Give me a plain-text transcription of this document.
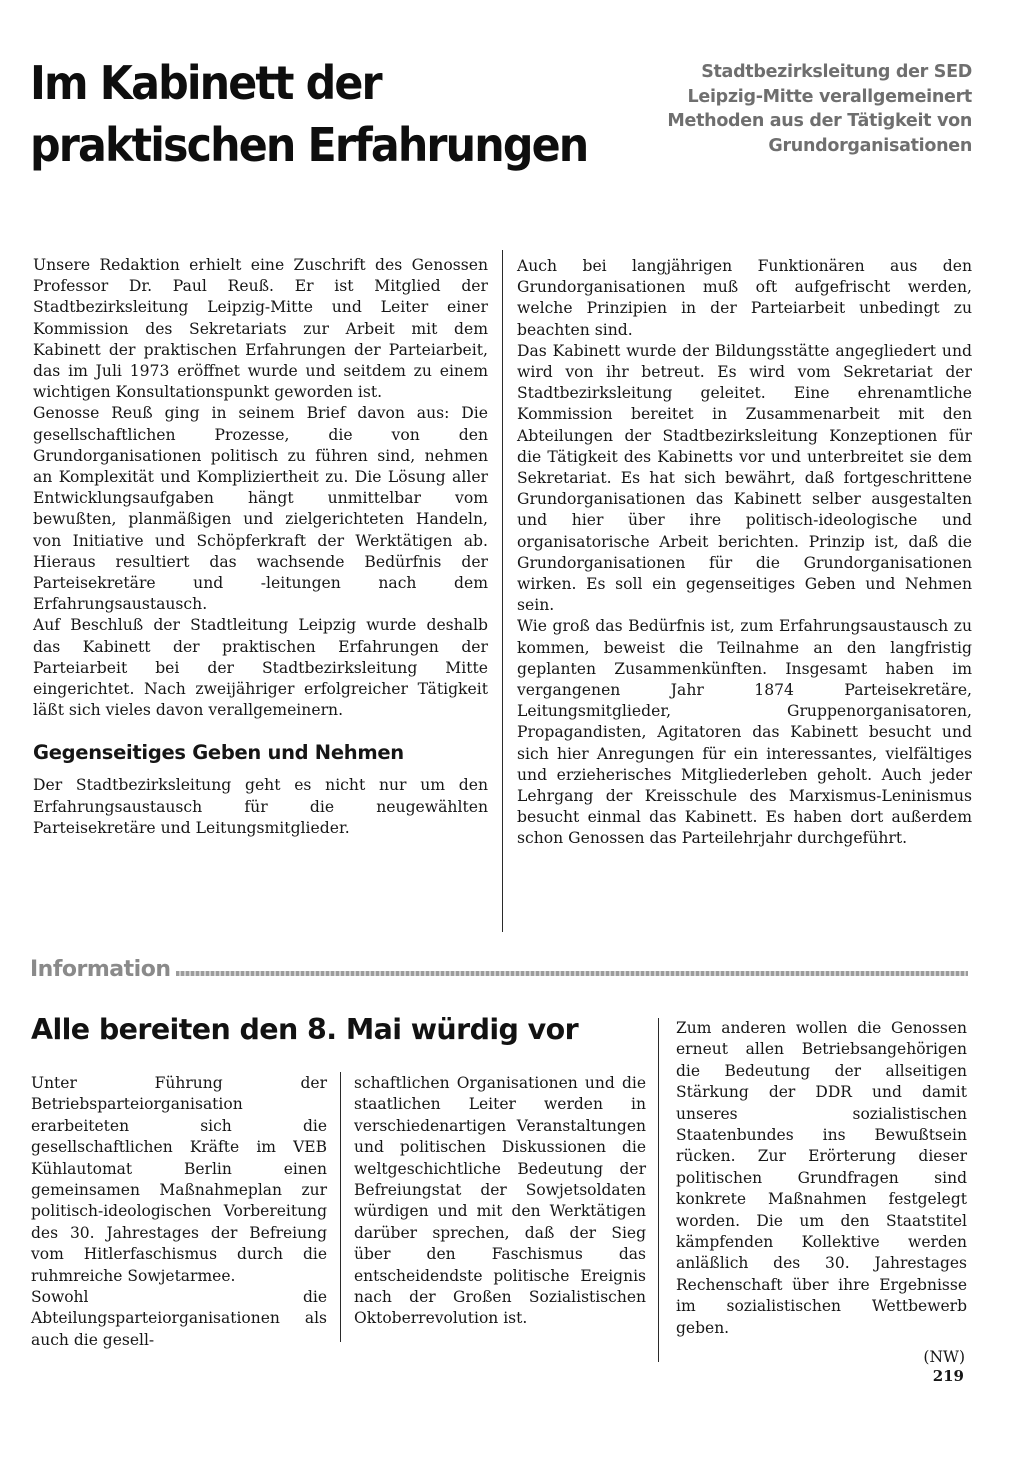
Im Kabinett der praktischen Erfahrungen

Stadtbezirksleitung der SED Leipzig-Mitte verallgemeinert Methoden aus der Tätigkeit von Grundorganisationen

Unsere Redaktion erhielt eine Zuschrift des Genossen Professor Dr. Paul Reuß. Er ist Mitglied der Stadtbezirksleitung Leipzig-Mitte und Leiter einer Kommission des Sekretariats zur Arbeit mit dem Kabinett der praktischen Erfahrungen der Parteiarbeit, das im Juli 1973 eröffnet wurde und seitdem zu einem wichtigen Konsultationspunkt geworden ist.

Genosse Reuß ging in seinem Brief davon aus: Die gesellschaftlichen Prozesse, die von den Grundorganisationen politisch zu führen sind, nehmen an Komplexität und Kompliziertheit zu. Die Lösung aller Entwicklungsaufgaben hängt unmittelbar vom bewußten, planmäßigen und zielgerichteten Handeln, von Initiative und Schöpferkraft der Werktätigen ab. Hieraus resultiert das wachsende Bedürfnis der Parteisekretäre und -leitungen nach dem Erfahrungsaustausch.

Auf Beschluß der Stadtleitung Leipzig wurde deshalb das Kabinett der praktischen Erfahrungen der Parteiarbeit bei der Stadtbezirksleitung Mitte eingerichtet. Nach zweijähriger erfolgreicher Tätigkeit läßt sich vieles davon verallgemeinern.

Gegenseitiges Geben und Nehmen

Der Stadtbezirksleitung geht es nicht nur um den Erfahrungsaustausch für die neugewählten Parteisekretäre und Leitungsmitglieder.

Auch bei langjährigen Funktionären aus den Grundorganisationen muß oft aufgefrischt werden, welche Prinzipien in der Parteiarbeit unbedingt zu beachten sind.

Das Kabinett wurde der Bildungsstätte angegliedert und wird von ihr betreut. Es wird vom Sekretariat der Stadtbezirksleitung geleitet. Eine ehrenamtliche Kommission bereitet in Zusammenarbeit mit den Abteilungen der Stadtbezirksleitung Konzeptionen für die Tätigkeit des Kabinetts vor und unterbreitet sie dem Sekretariat. Es hat sich bewährt, daß fortgeschrittene Grundorganisationen das Kabinett selber ausgestalten und hier über ihre politisch-ideologische und organisatorische Arbeit berichten. Prinzip ist, daß die Grundorganisationen für die Grundorganisationen wirken. Es soll ein gegenseitiges Geben und Nehmen sein.

Wie groß das Bedürfnis ist, zum Erfahrungsaustausch zu kommen, beweist die Teilnahme an den langfristig geplanten Zusammenkünften. Insgesamt haben im vergangenen Jahr 1874 Parteisekretäre, Leitungsmitglieder, Gruppenorganisatoren, Propagandisten, Agitatoren das Kabinett besucht und sich hier Anregungen für ein interessantes, vielfältiges und erzieherisches Mitgliederleben geholt. Auch jeder Lehrgang der Kreisschule des Marxismus-Leninismus besucht einmal das Kabinett. Es haben dort außerdem schon Genossen das Parteilehrjahr durchgeführt.

Information

Alle bereiten den 8. Mai würdig vor

Unter Führung der Betriebsparteiorganisation erarbeiteten sich die gesellschaftlichen Kräfte im VEB Kühlautomat Berlin einen gemeinsamen Maßnahmeplan zur politisch-ideologischen Vorbereitung des 30. Jahrestages der Befreiung vom Hitlerfaschismus durch die ruhmreiche Sowjetarmee.

Sowohl die Abteilungsparteiorganisationen als auch die gesell-

schaftlichen Organisationen und die staatlichen Leiter werden in verschiedenartigen Veranstaltungen und politischen Diskussionen die weltgeschichtliche Bedeutung der Befreiungstat der Sowjetsoldaten würdigen und mit den Werktätigen darüber sprechen, daß der Sieg über den Faschismus das entscheidendste politische Ereignis nach der Großen Sozialistischen Oktoberrevolution ist.

Zum anderen wollen die Genossen erneut allen Betriebsangehörigen die Bedeutung der allseitigen Stärkung der DDR und damit unseres sozialistischen Staatenbundes ins Bewußtsein rücken. Zur Erörterung dieser politischen Grundfragen sind konkrete Maßnahmen festgelegt worden. Die um den Staatstitel kämpfenden Kollektive werden anläßlich des 30. Jahrestages Rechenschaft über ihre Ergebnisse im sozialistischen Wettbewerb geben.

(NW)

219
